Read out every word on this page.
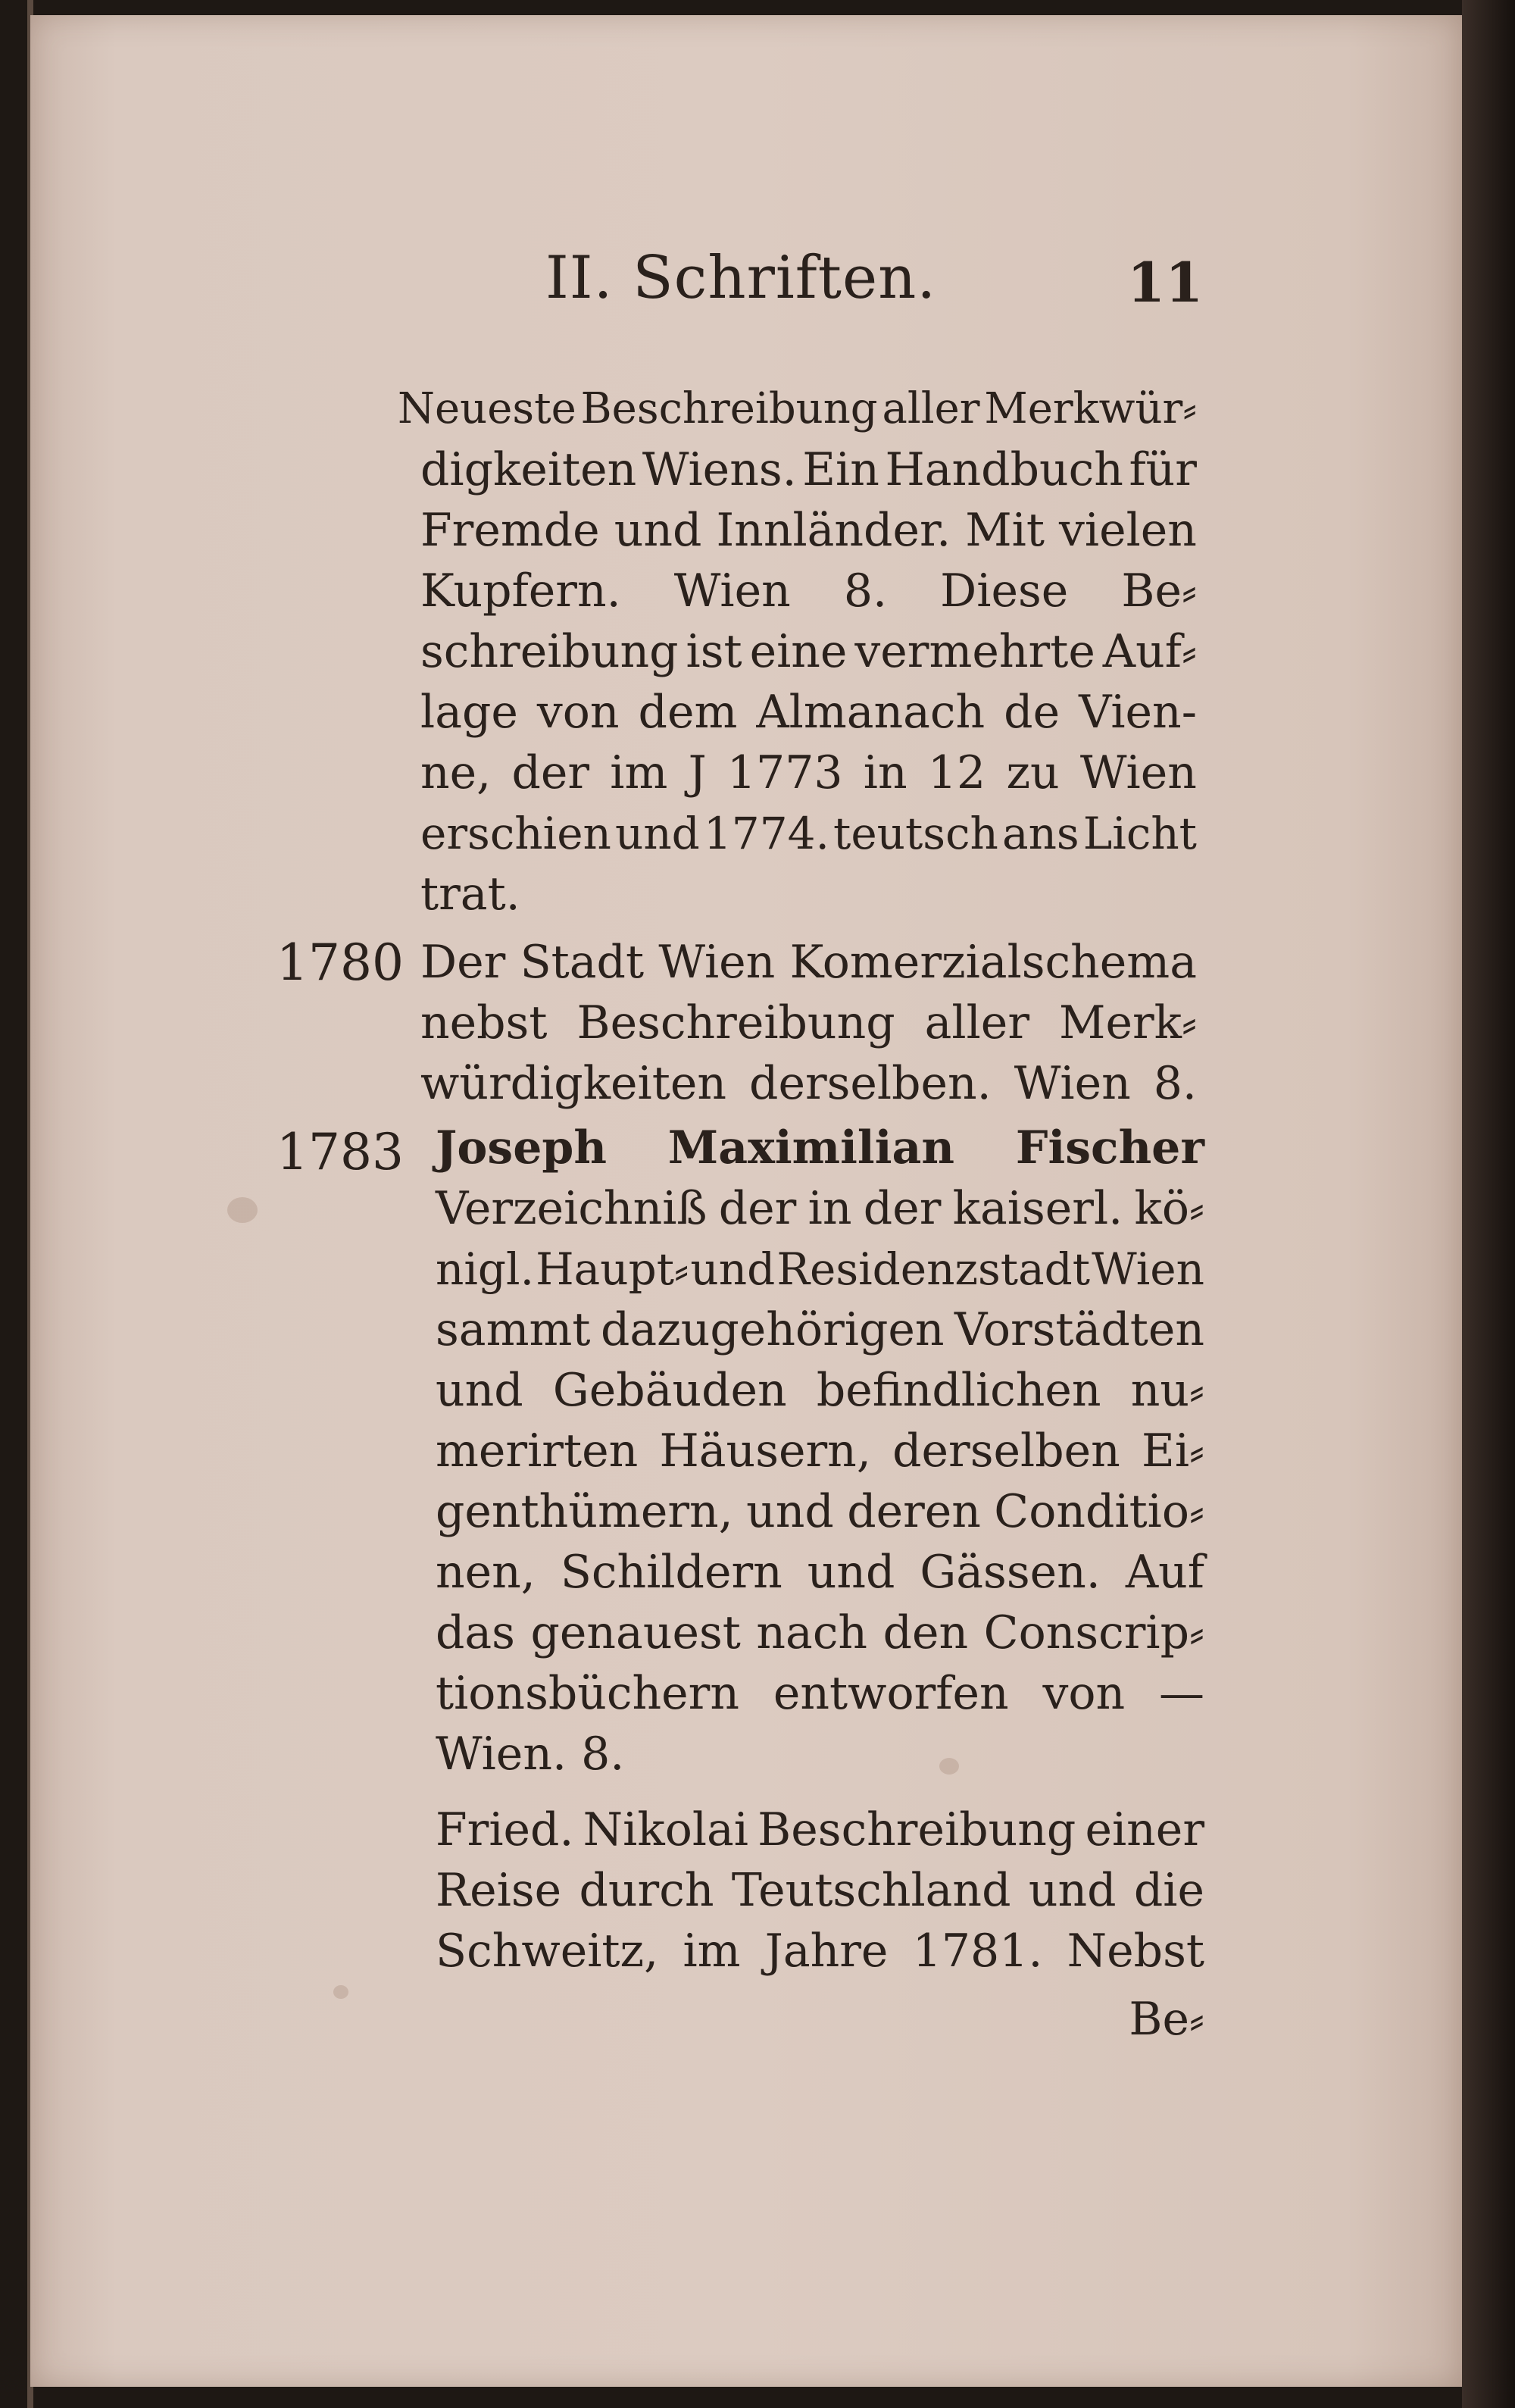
II. Schriften.	11
Neueste Beschreibung aller Merkwür⸗
digkeiten Wiens. Ein Handbuch für
Fremde und Innländer. Mit vielen
Kupfern. Wien 8. Diese Be⸗
schreibung ist eine vermehrte Auf⸗
lage von dem Almanach de Vien-
ne, der im J 1773 in 12 zu Wien
erschien und 1774. teutsch ans Licht
trat.
1780 Der Stadt Wien Komerzialschema
nebst Beschreibung aller Merk⸗
würdigkeiten derselben. Wien 8.
1783 Joseph Maximilian Fischer
Verzeichniß der in der kaiserl. kö⸗
nigl. Haupt⸗ und Residenzstadt Wien
sammt dazugehörigen Vorstädten
und Gebäuden befindlichen nu⸗
merirten Häusern, derselben Ei⸗
genthümern, und deren Conditio⸗
nen, Schildern und Gässen. Auf
das genauest nach den Conscrip⸗
tionsbüchern entworfen von —
Wien. 8.
Fried. Nikolai Beschreibung einer
Reise durch Teutschland und die
Schweitz, im Jahre 1781. Nebst
Be⸗
